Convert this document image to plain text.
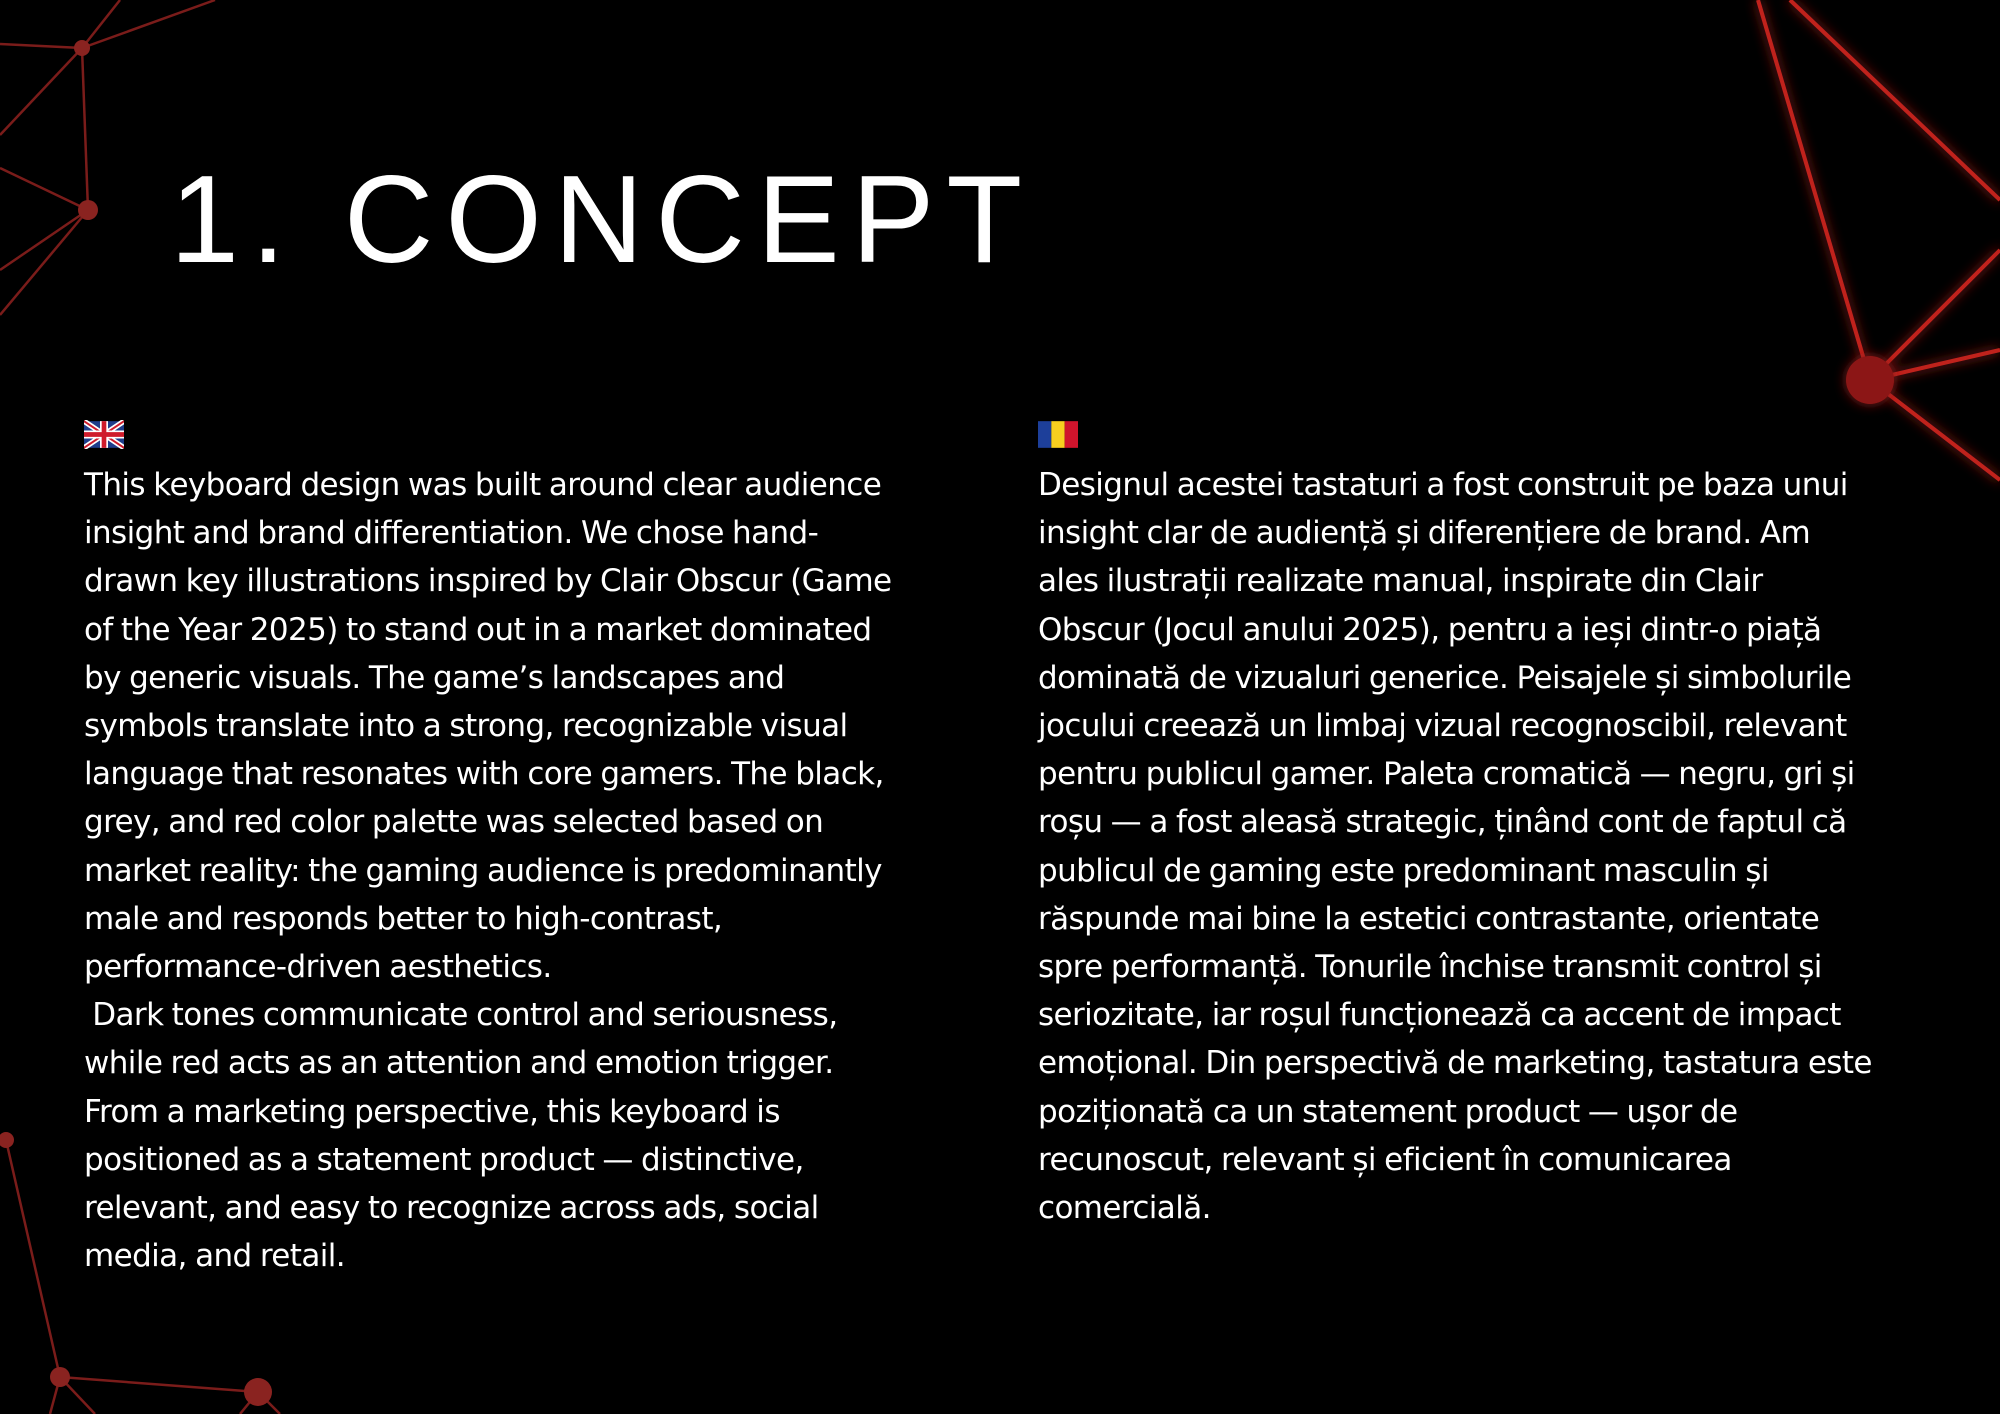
1. CONCEPT

This keyboard design was built around clear audience
insight and brand differentiation. We chose hand-
drawn key illustrations inspired by Clair Obscur (Game
of the Year 2025) to stand out in a market dominated
by generic visuals. The game’s landscapes and
symbols translate into a strong, recognizable visual
language that resonates with core gamers. The black,
grey, and red color palette was selected based on
market reality: the gaming audience is predominantly
male and responds better to high-contrast,
performance-driven aesthetics.
Dark tones communicate control and seriousness,
while red acts as an attention and emotion trigger.
From a marketing perspective, this keyboard is
positioned as a statement product — distinctive,
relevant, and easy to recognize across ads, social
media, and retail.

Designul acestei tastaturi a fost construit pe baza unui
insight clar de audiență și diferențiere de brand. Am
ales ilustrații realizate manual, inspirate din Clair
Obscur (Jocul anului 2025), pentru a ieși dintr-o piață
dominată de vizualuri generice. Peisajele și simbolurile
jocului creează un limbaj vizual recognoscibil, relevant
pentru publicul gamer. Paleta cromatică — negru, gri și
roșu — a fost aleasă strategic, ținând cont de faptul că
publicul de gaming este predominant masculin și
răspunde mai bine la estetici contrastante, orientate
spre performanță. Tonurile închise transmit control și
seriozitate, iar roșul funcționează ca accent de impact
emoțional. Din perspectivă de marketing, tastatura este
poziționată ca un statement product — ușor de
recunoscut, relevant și eficient în comunicarea
comercială.
